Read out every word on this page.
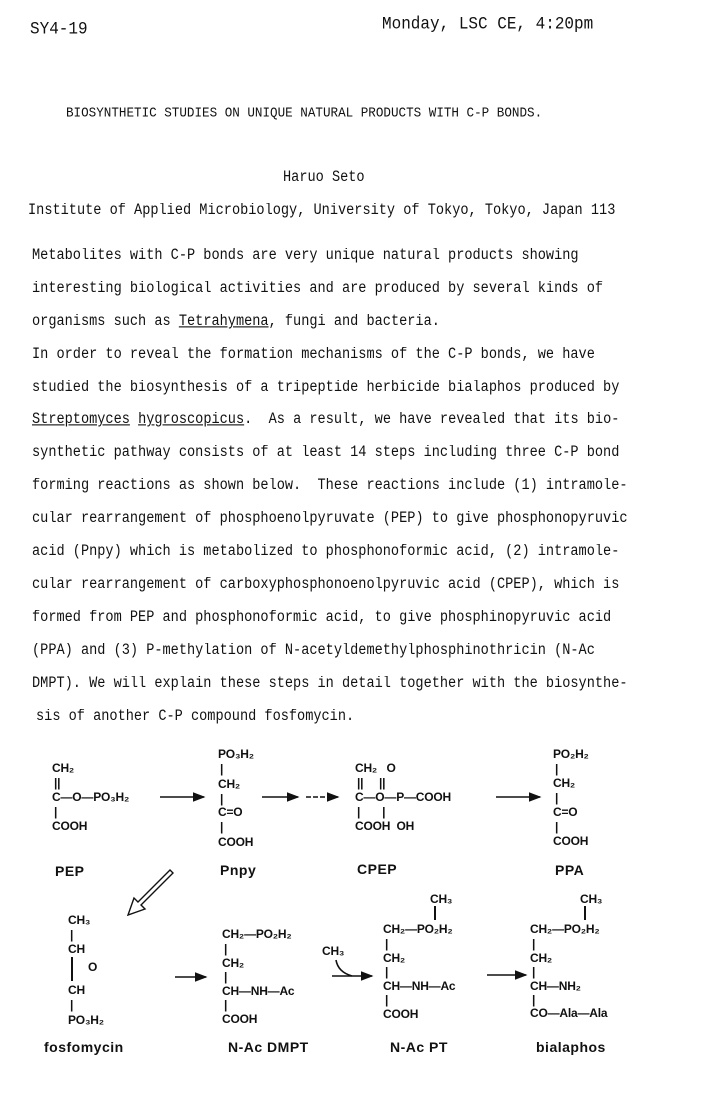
SY4-19	Monday, LSC CE, 4:20pm
BIOSYNTHETIC STUDIES ON UNIQUE NATURAL PRODUCTS WITH C-P BONDS.
Haruo Seto
Institute of Applied Microbiology, University of Tokyo, Tokyo, Japan 113
Metabolites with C-P bonds are very unique natural products showing
interesting biological activities and are produced by several kinds of
organisms such as Tetrahymena, fungi and bacteria.
In order to reveal the formation mechanisms of the C-P bonds, we have
studied the biosynthesis of a tripeptide herbicide bialaphos produced by
Streptomyces hygroscopicus.  As a result, we have revealed that its bio-
synthetic pathway consists of at least 14 steps including three C-P bond
forming reactions as shown below.  These reactions include (1) intramole-
cular rearrangement of phosphoenolpyruvate (PEP) to give phosphonopyruvic
acid (Pnpy) which is metabolized to phosphonoformic acid, (2) intramole-
cular rearrangement of carboxyphosphonoenolpyruvic acid (CPEP), which is
formed from PEP and phosphonoformic acid, to give phosphinopyruvic acid
(PPA) and (3) P-methylation of N-acetyldemethylphosphinothricin (N-Ac
DMPT). We will explain these steps in detail together with the biosynthe-
sis of another C-P compound fosfomycin.
CH₂
||
C—O—PO₃H₂
|
COOH
PEP
PO₃H₂
|
CH₂
|
C=O
|
COOH
Pnpy
CH₂   O
||     ||
C—O—P—COOH
|       |
COOH  OH
CPEP
PO₂H₂
|
CH₂
|
C=O
|
COOH
PPA
CH₃
|
CH
O
CH
|
PO₃H₂
fosfomycin
CH₂—PO₂H₂
|
CH₂
|
CH—NH—Ac
|
COOH
N-Ac DMPT
CH₃
CH₃
CH₂—PO₂H₂
|
CH₂
|
CH—NH—Ac
|
COOH
N-Ac PT
CH₃
CH₂—PO₂H₂
|
CH₂
|
CH—NH₂
|
CO—Ala—Ala
bialaphos
